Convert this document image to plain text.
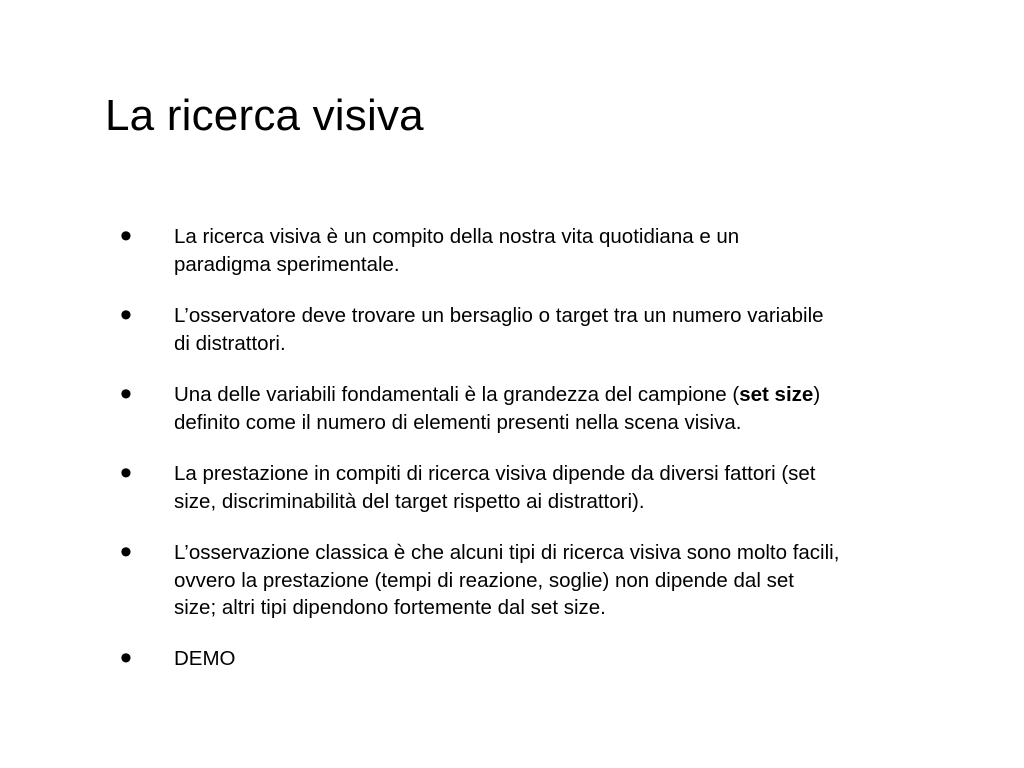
La ricerca visiva
• La ricerca visiva è un compito della nostra vita quotidiana e un
paradigma sperimentale.
• L’osservatore deve trovare un bersaglio o target tra un numero variabile
di distrattori.
• Una delle variabili fondamentali è la grandezza del campione (set size)
definito come il numero di elementi presenti nella scena visiva.
• La prestazione in compiti di ricerca visiva dipende da diversi fattori (set
size, discriminabilità del target rispetto ai distrattori).
• L’osservazione classica è che alcuni tipi di ricerca visiva sono molto facili,
ovvero la prestazione (tempi di reazione, soglie) non dipende dal set
size; altri tipi dipendono fortemente dal set size.
• DEMO
